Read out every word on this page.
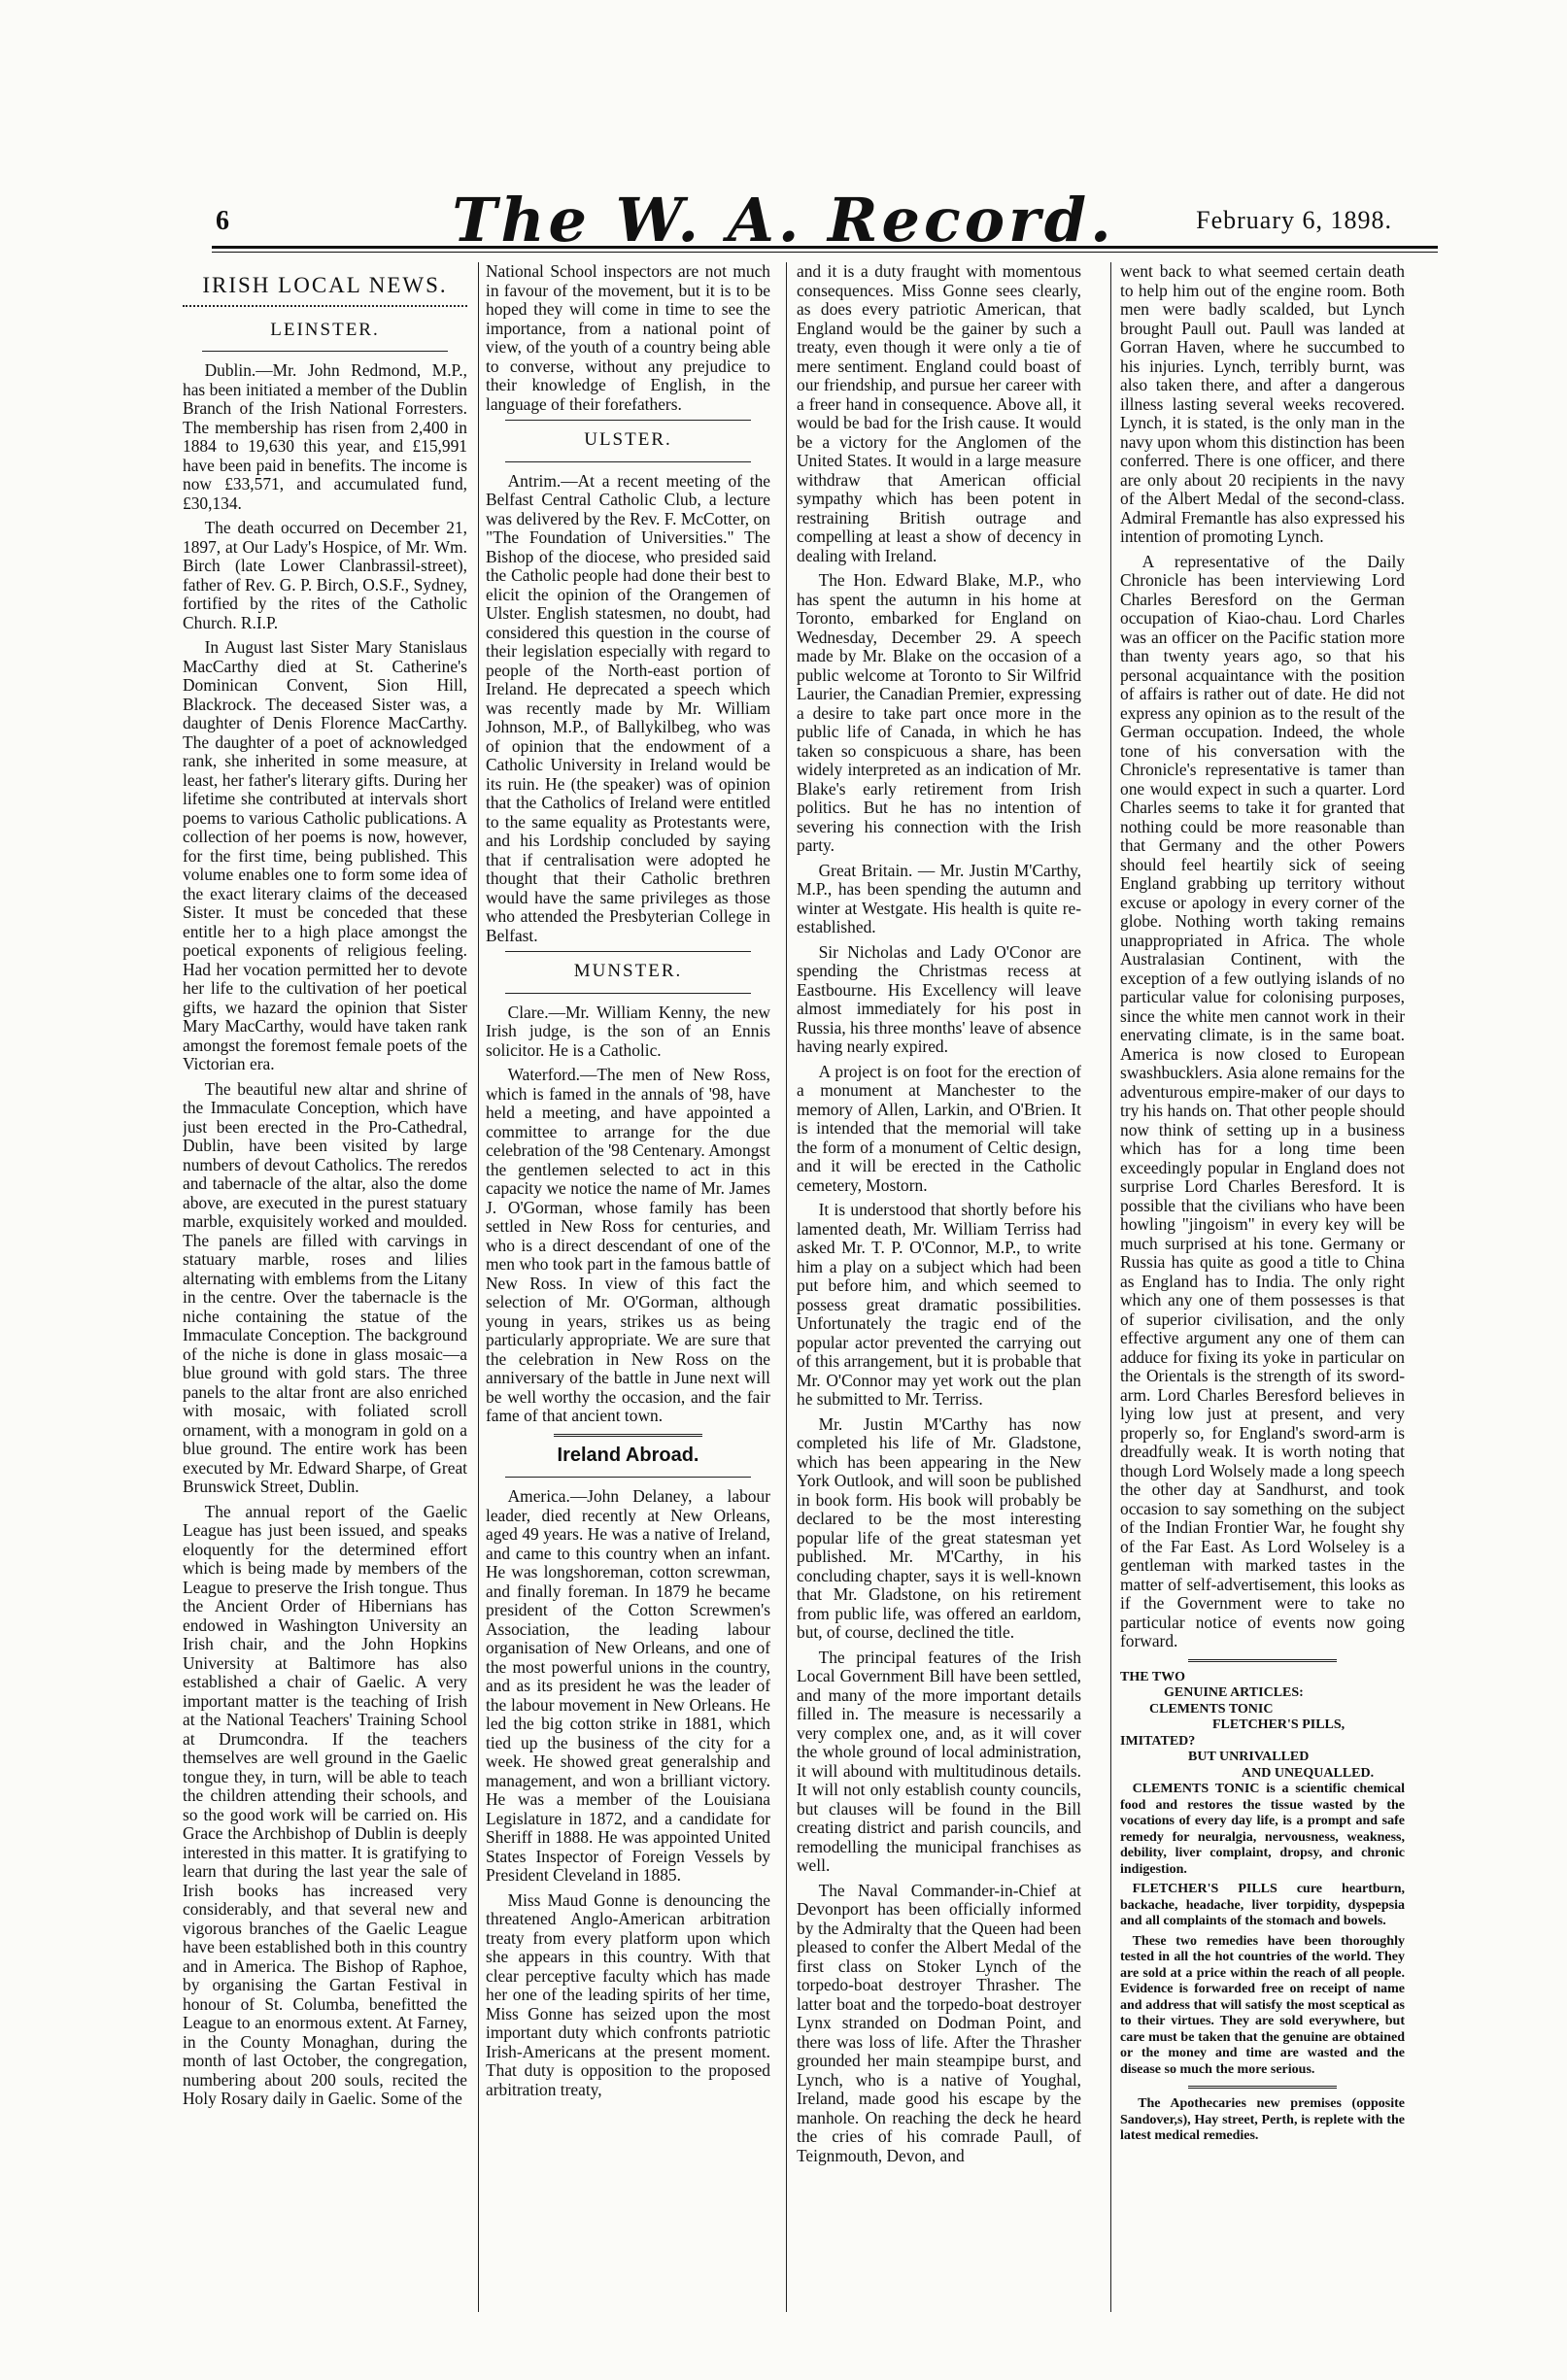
6	The W. A. Record.	February 6, 1898.
IRISH LOCAL NEWS.
LEINSTER.

Dublin.—Mr. John Redmond, M.P., has been initiated a member of the Dublin Branch of the Irish National Forresters. The membership has risen from 2,400 in 1884 to 19,630 this year, and £15,991 have been paid in benefits. The income is now £33,571, and accumulated fund, £30,134.

The death occurred on December 21, 1897, at Our Lady's Hospice, of Mr. Wm. Birch (late Lower Clanbrassil-street), father of Rev. G. P. Birch, O.S.F., Sydney, fortified by the rites of the Catholic Church. R.I.P.

In August last Sister Mary Stanislaus MacCarthy died at St. Catherine's Dominican Convent, Sion Hill, Blackrock. The deceased Sister was, a daughter of Denis Florence MacCarthy. The daughter of a poet of acknowledged rank, she inherited in some measure, at least, her father's literary gifts. During her lifetime she contributed at intervals short poems to various Catholic publications. A collection of her poems is now, however, for the first time, being published. This volume enables one to form some idea of the exact literary claims of the deceased Sister. It must be conceded that these entitle her to a high place amongst the poetical exponents of religious feeling. Had her vocation permitted her to devote her life to the cultivation of her poetical gifts, we hazard the opinion that Sister Mary MacCarthy, would have taken rank amongst the foremost female poets of the Victorian era.

The beautiful new altar and shrine of the Immaculate Conception, which have just been erected in the Pro-Cathedral, Dublin, have been visited by large numbers of devout Catholics. The reredos and tabernacle of the altar, also the dome above, are executed in the purest statuary marble, exquisitely worked and moulded. The panels are filled with carvings in statuary marble, roses and lilies alternating with emblems from the Litany in the centre. Over the tabernacle is the niche containing the statue of the Immaculate Conception. The background of the niche is done in glass mosaic—a blue ground with gold stars. The three panels to the altar front are also enriched with mosaic, with foliated scroll ornament, with a monogram in gold on a blue ground. The entire work has been executed by Mr. Edward Sharpe, of Great Brunswick Street, Dublin.

The annual report of the Gaelic League has just been issued, and speaks eloquently for the determined effort which is being made by members of the League to preserve the Irish tongue. Thus the Ancient Order of Hibernians has endowed in Washington University an Irish chair, and the John Hopkins University at Baltimore has also established a chair of Gaelic. A very important matter is the teaching of Irish at the National Teachers' Training School at Drumcondra. If the teachers themselves are well ground in the Gaelic tongue they, in turn, will be able to teach the children attending their schools, and so the good work will be carried on. His Grace the Archbishop of Dublin is deeply interested in this matter. It is gratifying to learn that during the last year the sale of Irish books has increased very considerably, and that several new and vigorous branches of the Gaelic League have been established both in this country and in America. The Bishop of Raphoe, by organising the Gartan Festival in honour of St. Columba, benefitted the League to an enormous extent. At Farney, in the County Monaghan, during the month of last October, the congregation, numbering about 200 souls, recited the Holy Rosary daily in Gaelic. Some of the

National School inspectors are not much in favour of the movement, but it is to be hoped they will come in time to see the importance, from a national point of view, of the youth of a country being able to converse, without any prejudice to their knowledge of English, in the language of their forefathers.

ULSTER.

Antrim.—At a recent meeting of the Belfast Central Catholic Club, a lecture was delivered by the Rev. F. McCotter, on "The Foundation of Universities." The Bishop of the diocese, who presided said the Catholic people had done their best to elicit the opinion of the Orangemen of Ulster. English statesmen, no doubt, had considered this question in the course of their legislation especially with regard to people of the North-east portion of Ireland. He deprecated a speech which was recently made by Mr. William Johnson, M.P., of Ballykilbeg, who was of opinion that the endowment of a Catholic University in Ireland would be its ruin. He (the speaker) was of opinion that the Catholics of Ireland were entitled to the same equality as Protestants were, and his Lordship concluded by saying that if centralisation were adopted he thought that their Catholic brethren would have the same privileges as those who attended the Presbyterian College in Belfast.

MUNSTER.

Clare.—Mr. William Kenny, the new Irish judge, is the son of an Ennis solicitor. He is a Catholic.

Waterford.—The men of New Ross, which is famed in the annals of '98, have held a meeting, and have appointed a committee to arrange for the due celebration of the '98 Centenary. Amongst the gentlemen selected to act in this capacity we notice the name of Mr. James J. O'Gorman, whose family has been settled in New Ross for centuries, and who is a direct descendant of one of the men who took part in the famous battle of New Ross. In view of this fact the selection of Mr. O'Gorman, although young in years, strikes us as being particularly appropriate. We are sure that the celebration in New Ross on the anniversary of the battle in June next will be well worthy the occasion, and the fair fame of that ancient town.

Ireland Abroad.

America.—John Delaney, a labour leader, died recently at New Orleans, aged 49 years. He was a native of Ireland, and came to this country when an infant. He was longshoreman, cotton screwman, and finally foreman. In 1879 he became president of the Cotton Screwmen's Association, the leading labour organisation of New Orleans, and one of the most powerful unions in the country, and as its president he was the leader of the labour movement in New Orleans. He led the big cotton strike in 1881, which tied up the business of the city for a week. He showed great generalship and management, and won a brilliant victory. He was a member of the Louisiana Legislature in 1872, and a candidate for Sheriff in 1888. He was appointed United States Inspector of Foreign Vessels by President Cleveland in 1885.

Miss Maud Gonne is denouncing the threatened Anglo-American arbitration treaty from every platform upon which she appears in this country. With that clear perceptive faculty which has made her one of the leading spirits of her time, Miss Gonne has seized upon the most important duty which confronts patriotic Irish-Americans at the present moment. That duty is opposition to the proposed arbitration treaty,

and it is a duty fraught with momentous consequences. Miss Gonne sees clearly, as does every patriotic American, that England would be the gainer by such a treaty, even though it were only a tie of mere sentiment. England could boast of our friendship, and pursue her career with a freer hand in consequence. Above all, it would be bad for the Irish cause. It would be a victory for the Anglomen of the United States. It would in a large measure withdraw that American official sympathy which has been potent in restraining British outrage and compelling at least a show of decency in dealing with Ireland.

The Hon. Edward Blake, M.P., who has spent the autumn in his home at Toronto, embarked for England on Wednesday, December 29. A speech made by Mr. Blake on the occasion of a public welcome at Toronto to Sir Wilfrid Laurier, the Canadian Premier, expressing a desire to take part once more in the public life of Canada, in which he has taken so conspicuous a share, has been widely interpreted as an indication of Mr. Blake's early retirement from Irish politics. But he has no intention of severing his connection with the Irish party.

Great Britain. — Mr. Justin M'Carthy, M.P., has been spending the autumn and winter at Westgate. His health is quite re-established.

Sir Nicholas and Lady O'Conor are spending the Christmas recess at Eastbourne. His Excellency will leave almost immediately for his post in Russia, his three months' leave of absence having nearly expired.

A project is on foot for the erection of a monument at Manchester to the memory of Allen, Larkin, and O'Brien. It is intended that the memorial will take the form of a monument of Celtic design, and it will be erected in the Catholic cemetery, Mostorn.

It is understood that shortly before his lamented death, Mr. William Terriss had asked Mr. T. P. O'Connor, M.P., to write him a play on a subject which had been put before him, and which seemed to possess great dramatic possibilities. Unfortunately the tragic end of the popular actor prevented the carrying out of this arrangement, but it is probable that Mr. O'Connor may yet work out the plan he submitted to Mr. Terriss.

Mr. Justin M'Carthy has now completed his life of Mr. Gladstone, which has been appearing in the New York Outlook, and will soon be published in book form. His book will probably be declared to be the most interesting popular life of the great statesman yet published. Mr. M'Carthy, in his concluding chapter, says it is well-known that Mr. Gladstone, on his retirement from public life, was offered an earldom, but, of course, declined the title.

The principal features of the Irish Local Government Bill have been settled, and many of the more important details filled in. The measure is necessarily a very complex one, and, as it will cover the whole ground of local administration, it will abound with multitudinous details. It will not only establish county councils, but clauses will be found in the Bill creating district and parish councils, and remodelling the municipal franchises as well.

The Naval Commander-in-Chief at Devonport has been officially informed by the Admiralty that the Queen had been pleased to confer the Albert Medal of the first class on Stoker Lynch of the torpedo-boat destroyer Thrasher. The latter boat and the torpedo-boat destroyer Lynx stranded on Dodman Point, and there was loss of life. After the Thrasher grounded her main steampipe burst, and Lynch, who is a native of Youghal, Ireland, made good his escape by the manhole. On reaching the deck he heard the cries of his comrade Paull, of Teignmouth, Devon, and

went back to what seemed certain death to help him out of the engine room. Both men were badly scalded, but Lynch brought Paull out. Paull was landed at Gorran Haven, where he succumbed to his injuries. Lynch, terribly burnt, was also taken there, and after a dangerous illness lasting several weeks recovered. Lynch, it is stated, is the only man in the navy upon whom this distinction has been conferred. There is one officer, and there are only about 20 recipients in the navy of the Albert Medal of the second-class. Admiral Fremantle has also expressed his intention of promoting Lynch.

A representative of the Daily Chronicle has been interviewing Lord Charles Beresford on the German occupation of Kiao-chau. Lord Charles was an officer on the Pacific station more than twenty years ago, so that his personal acquaintance with the position of affairs is rather out of date. He did not express any opinion as to the result of the German occupation. Indeed, the whole tone of his conversation with the Chronicle's representative is tamer than one would expect in such a quarter. Lord Charles seems to take it for granted that nothing could be more reasonable than that Germany and the other Powers should feel heartily sick of seeing England grabbing up territory without excuse or apology in every corner of the globe. Nothing worth taking remains unappropriated in Africa. The whole Australasian Continent, with the exception of a few outlying islands of no particular value for colonising purposes, since the white men cannot work in their enervating climate, is in the same boat. America is now closed to European swashbucklers. Asia alone remains for the adventurous empire-maker of our days to try his hands on. That other people should now think of setting up in a business which has for a long time been exceedingly popular in England does not surprise Lord Charles Beresford. It is possible that the civilians who have been howling "jingoism" in every key will be much surprised at his tone. Germany or Russia has quite as good a title to China as England has to India. The only right which any one of them possesses is that of superior civilisation, and the only effective argument any one of them can adduce for fixing its yoke in particular on the Orientals is the strength of its sword-arm. Lord Charles Beresford believes in lying low just at present, and very properly so, for England's sword-arm is dreadfully weak. It is worth noting that though Lord Wolsely made a long speech the other day at Sandhurst, and took occasion to say something on the subject of the Indian Frontier War, he fought shy of the Far East. As Lord Wolseley is a gentleman with marked tastes in the matter of self-advertisement, this looks as if the Government were to take no particular notice of events now going forward.

THE TWO
GENUINE ARTICLES:
CLEMENTS TONIC
FLETCHER'S PILLS,
IMITATED?
BUT UNRIVALLED
AND UNEQUALLED.

CLEMENTS TONIC is a scientific chemical food and restores the tissue wasted by the vocations of every day life, is a prompt and safe remedy for neuralgia, nervousness, weakness, debility, liver complaint, dropsy, and chronic indigestion.

FLETCHER'S PILLS cure heartburn, backache, headache, liver torpidity, dyspepsia and all complaints of the stomach and bowels.

These two remedies have been thoroughly tested in all the hot countries of the world. They are sold at a price within the reach of all people. Evidence is forwarded free on receipt of name and address that will satisfy the most sceptical as to their virtues. They are sold everywhere, but care must be taken that the genuine are obtained or the money and time are wasted and the disease so much the more serious.

The Apothecaries new premises (opposite Sandover,s), Hay street, Perth, is replete with the latest medical remedies.
